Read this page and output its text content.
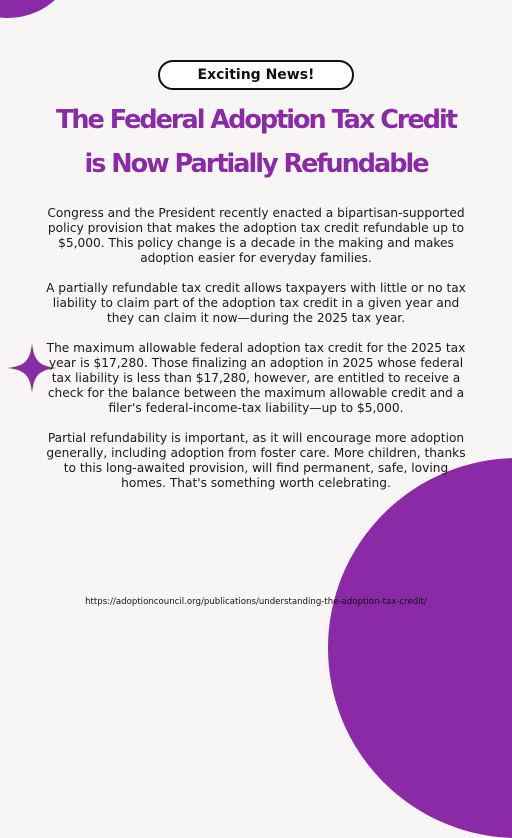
Exciting News!
The Federal Adoption Tax Credit
is Now Partially Refundable

Congress and the President recently enacted a bipartisan-supported policy provision that makes the adoption tax credit refundable up to $5,000. This policy change is a decade in the making and makes adoption easier for everyday families.

A partially refundable tax credit allows taxpayers with little or no tax liability to claim part of the adoption tax credit in a given year and they can claim it now—during the 2025 tax year.

The maximum allowable federal adoption tax credit for the 2025 tax year is $17,280. Those finalizing an adoption in 2025 whose federal tax liability is less than $17,280, however, are entitled to receive a check for the balance between the maximum allowable credit and a filer's federal-income-tax liability—up to $5,000.

Partial refundability is important, as it will encourage more adoption generally, including adoption from foster care. More children, thanks to this long-awaited provision, will find permanent, safe, loving homes. That's something worth celebrating.

https://adoptioncouncil.org/publications/understanding-the-adoption-tax-credit/
